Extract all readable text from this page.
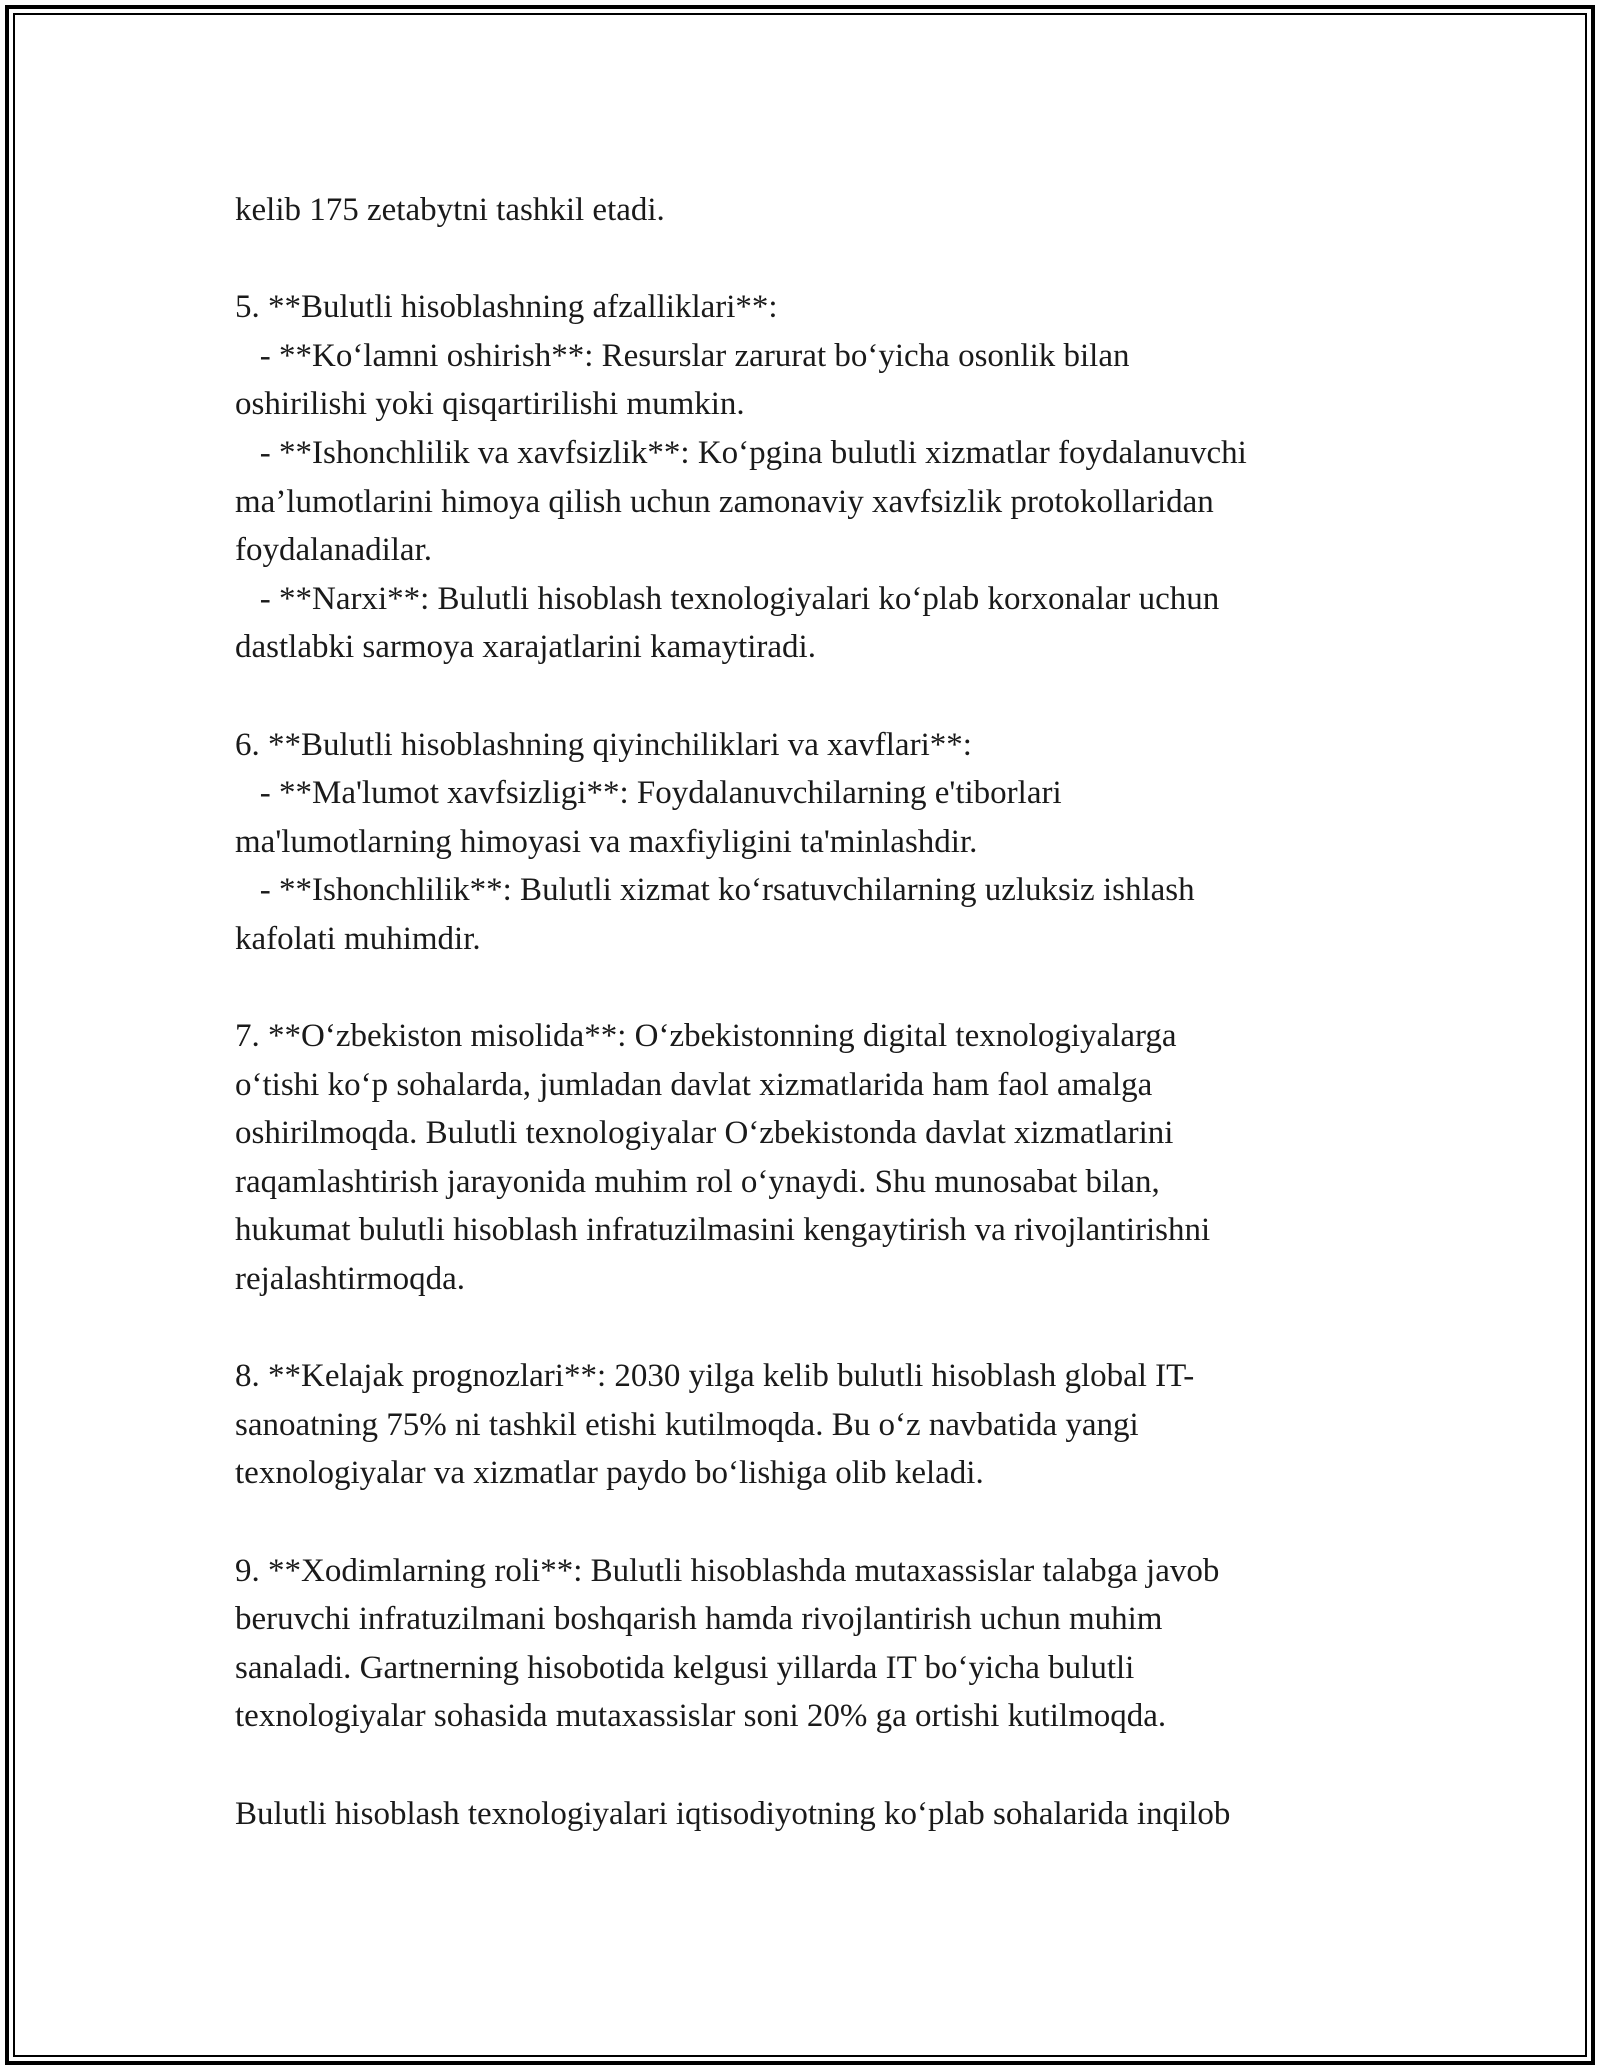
kelib 175 zetabytni tashkil etadi.
5. **Bulutli hisoblashning afzalliklari**:
- **Ko‘lamni oshirish**: Resurslar zarurat bo‘yicha osonlik bilan
oshirilishi yoki qisqartirilishi mumkin.
- **Ishonchlilik va xavfsizlik**: Ko‘pgina bulutli xizmatlar foydalanuvchi
ma’lumotlarini himoya qilish uchun zamonaviy xavfsizlik protokollaridan
foydalanadilar.
- **Narxi**: Bulutli hisoblash texnologiyalari ko‘plab korxonalar uchun
dastlabki sarmoya xarajatlarini kamaytiradi.
6. **Bulutli hisoblashning qiyinchiliklari va xavflari**:
- **Ma'lumot xavfsizligi**: Foydalanuvchilarning e'tiborlari
ma'lumotlarning himoyasi va maxfiyligini ta'minlashdir.
- **Ishonchlilik**: Bulutli xizmat ko‘rsatuvchilarning uzluksiz ishlash
kafolati muhimdir.
7. **O‘zbekiston misolida**: O‘zbekistonning digital texnologiyalarga
o‘tishi ko‘p sohalarda, jumladan davlat xizmatlarida ham faol amalga
oshirilmoqda. Bulutli texnologiyalar O‘zbekistonda davlat xizmatlarini
raqamlashtirish jarayonida muhim rol o‘ynaydi. Shu munosabat bilan,
hukumat bulutli hisoblash infratuzilmasini kengaytirish va rivojlantirishni
rejalashtirmoqda.
8. **Kelajak prognozlari**: 2030 yilga kelib bulutli hisoblash global IT-
sanoatning 75% ni tashkil etishi kutilmoqda. Bu o‘z navbatida yangi
texnologiyalar va xizmatlar paydo bo‘lishiga olib keladi.
9. **Xodimlarning roli**: Bulutli hisoblashda mutaxassislar talabga javob
beruvchi infratuzilmani boshqarish hamda rivojlantirish uchun muhim
sanaladi. Gartnerning hisobotida kelgusi yillarda IT bo‘yicha bulutli
texnologiyalar sohasida mutaxassislar soni 20% ga ortishi kutilmoqda.
Bulutli hisoblash texnologiyalari iqtisodiyotning ko‘plab sohalarida inqilob
